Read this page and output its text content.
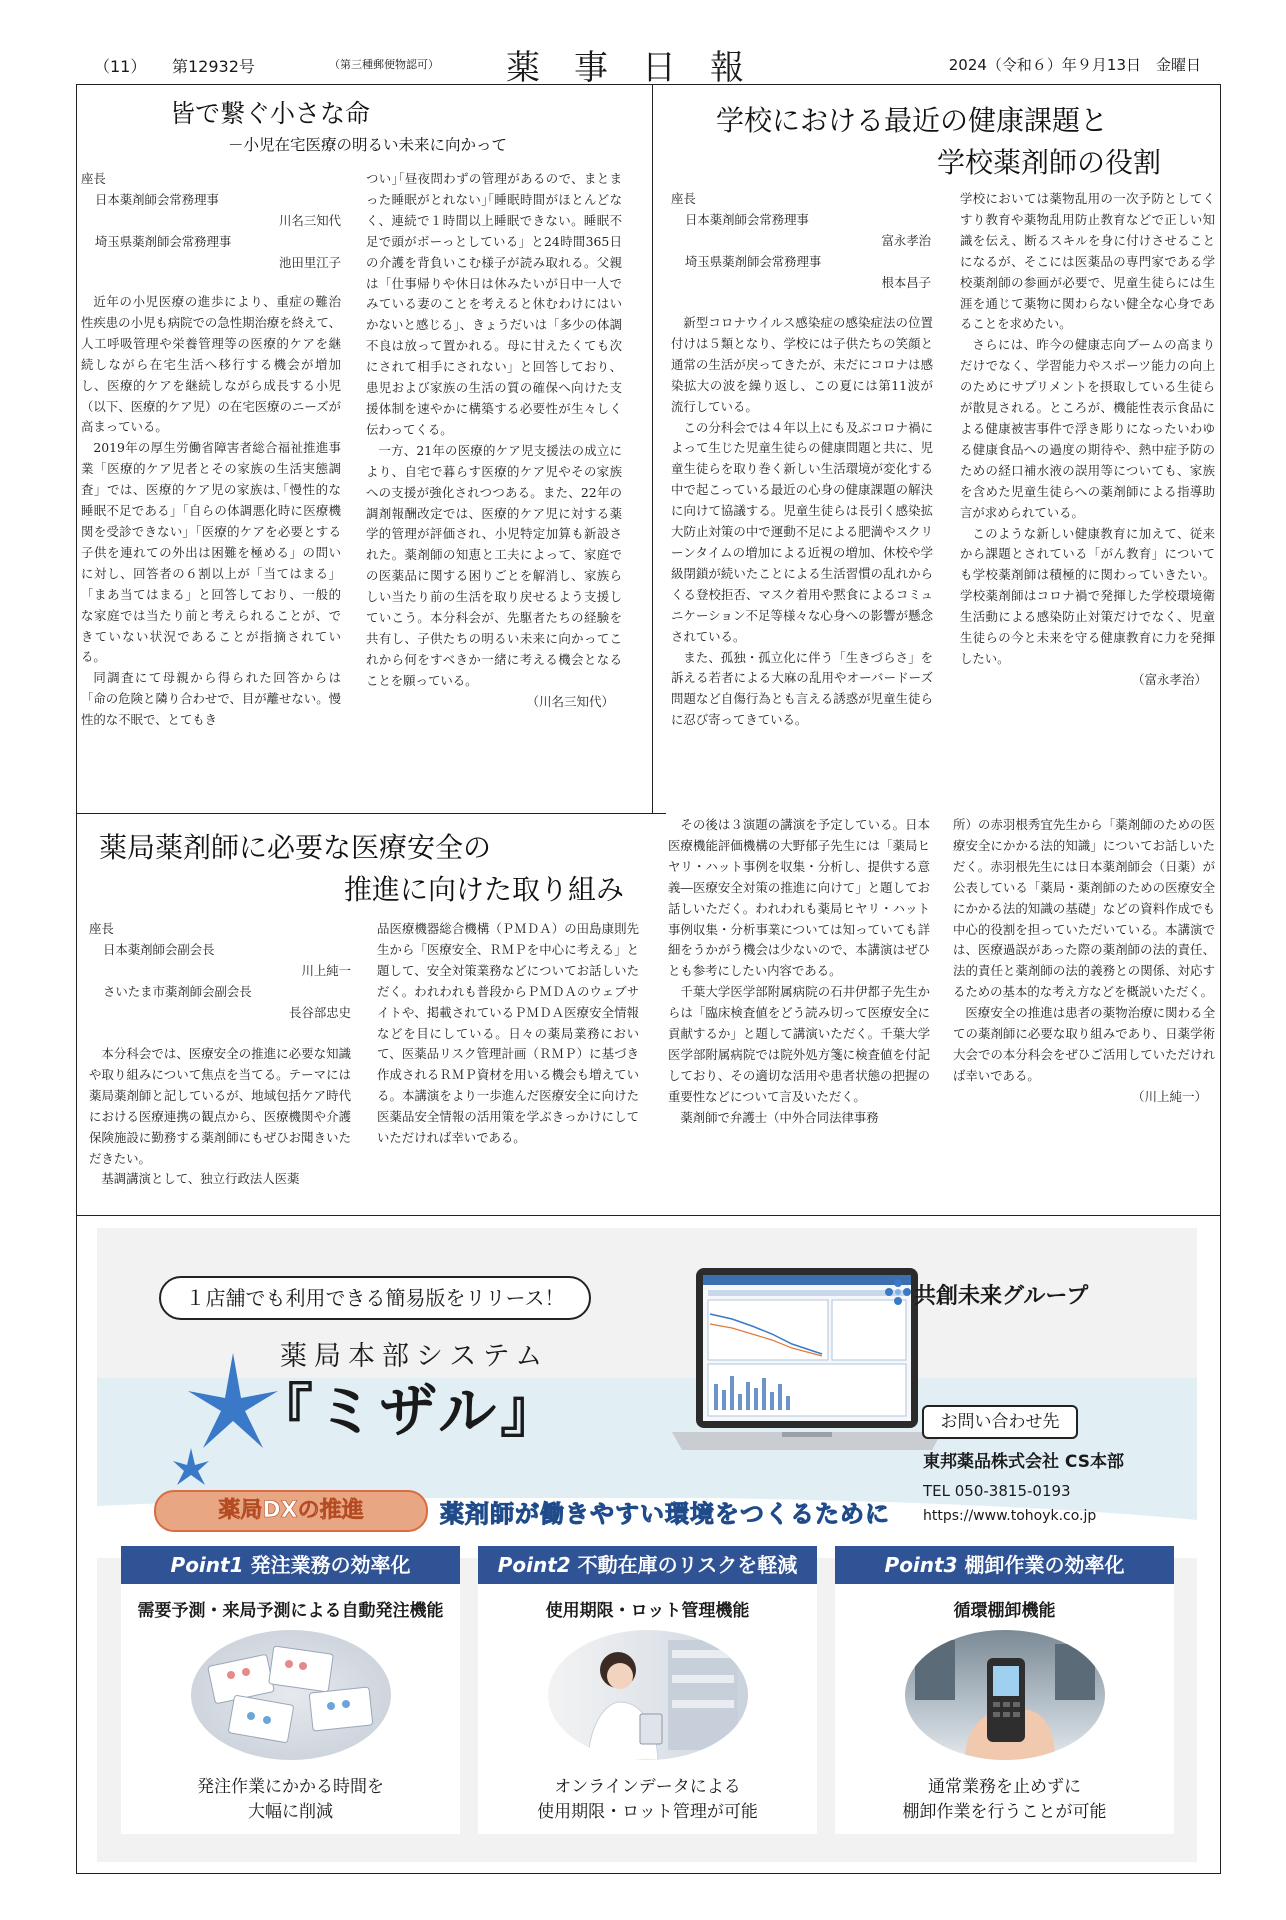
（11） 第12932号	（第三種郵便物認可） 薬事日報	2024（令和６）年９月13日　金曜日
皆で繋ぐ小さな命
－小児在宅医療の明るい未来に向かって
座長
日本薬剤師会常務理事
川名三知代
埼玉県薬剤師会常務理事
池田里江子

近年の小児医療の進歩により、重症の難治性疾患の小児も病院での急性期治療を終えて、人工呼吸管理や栄養管理等の医療的ケアを継続しながら在宅生活へ移行する機会が増加し、医療的ケアを継続しながら成長する小児（以下、医療的ケア児）の在宅医療のニーズが高まっている。

2019年の厚生労働省障害者総合福祉推進事業「医療的ケア児者とその家族の生活実態調査」では、医療的ケア児の家族は､｢慢性的な睡眠不足である｣「自らの体調悪化時に医療機関を受診できない」「医療的ケアを必要とする子供を連れての外出は困難を極める」の問いに対し、回答者の６割以上が「当てはまる」「まあ当てはまる」と回答しており、一般的な家庭では当たり前と考えられることが、できていない状況であることが指摘されている。

同調査にて母親から得られた回答からは「命の危険と隣り合わせで、目が離せない。慢性的な不眠で、とてもき

つい｣｢昼夜問わずの管理があるので、まとまった睡眠がとれない｣｢睡眠時間がほとんどなく、連続で１時間以上睡眠できない。睡眠不足で頭がボーっとしている」と24時間365日の介護を背負いこむ様子が読み取れる。父親は「仕事帰りや休日は休みたいが日中一人でみている妻のことを考えると休むわけにはいかないと感じる」、きょうだいは「多少の体調不良は放って置かれる。母に甘えたくても次にされて相手にされない」と回答しており、患児および家族の生活の質の確保へ向けた支援体制を速やかに構築する必要性が生々しく伝わってくる。

一方、21年の医療的ケア児支援法の成立により、自宅で暮らす医療的ケア児やその家族への支援が強化されつつある。また、22年の調剤報酬改定では、医療的ケア児に対する薬学的管理が評価され、小児特定加算も新設された。薬剤師の知恵と工夫によって、家庭での医薬品に関する困りごとを解消し、家族らしい当たり前の生活を取り戻せるよう支援していこう。本分科会が、先駆者たちの経験を共有し、子供たちの明るい未来に向かってこれから何をすべきか一緒に考える機会となることを願っている。

（川名三知代）
学校における最近の健康課題と
学校薬剤師の役割
座長
日本薬剤師会常務理事
富永孝治
埼玉県薬剤師会常務理事
根本昌子

新型コロナウイルス感染症の感染症法の位置付けは５類となり、学校には子供たちの笑顔と通常の生活が戻ってきたが、未だにコロナは感染拡大の波を繰り返し、この夏には第11波が流行している。

この分科会では４年以上にも及ぶコロナ禍によって生じた児童生徒らの健康問題と共に、児童生徒らを取り巻く新しい生活環境が変化する中で起こっている最近の心身の健康課題の解決に向けて協議する。児童生徒らは長引く感染拡大防止対策の中で運動不足による肥満やスクリーンタイムの増加による近視の増加、休校や学級閉鎖が続いたことによる生活習慣の乱れからくる登校拒否、マスク着用や黙食によるコミュニケーション不足等様々な心身への影響が懸念されている。

また、孤独・孤立化に伴う「生きづらさ」を訴える若者による大麻の乱用やオーバードーズ問題など自傷行為とも言える誘惑が児童生徒らに忍び寄ってきている。

学校においては薬物乱用の一次予防としてくすり教育や薬物乱用防止教育などで正しい知識を伝え、断るスキルを身に付けさせることになるが、そこには医薬品の専門家である学校薬剤師の参画が必要で、児童生徒らには生涯を通じて薬物に関わらない健全な心身であることを求めたい。

さらには、昨今の健康志向ブームの高まりだけでなく、学習能力やスポーツ能力の向上のためにサプリメントを摂取している生徒らが散見される。ところが、機能性表示食品による健康被害事件で浮き彫りになったいわゆる健康食品への過度の期待や、熱中症予防のための経口補水液の誤用等についても、家族を含めた児童生徒らへの薬剤師による指導助言が求められている。

このような新しい健康教育に加えて、従来から課題とされている「がん教育」についても学校薬剤師は積極的に関わっていきたい。学校薬剤師はコロナ禍で発揮した学校環境衛生活動による感染防止対策だけでなく、児童生徒らの今と未来を守る健康教育に力を発揮したい。

（富永孝治）
薬局薬剤師に必要な医療安全の
推進に向けた取り組み
座長
日本薬剤師会副会長
川上純一
さいたま市薬剤師会副会長
長谷部忠史

本分科会では、医療安全の推進に必要な知識や取り組みについて焦点を当てる。テーマには薬局薬剤師と記しているが、地域包括ケア時代における医療連携の観点から、医療機関や介護保険施設に勤務する薬剤師にもぜひお聞きいただきたい。

基調講演として、独立行政法人医薬

品医療機器総合機構（ＰＭＤＡ）の田島康則先生から「医療安全、ＲＭＰを中心に考える」と題して、安全対策業務などについてお話しいただく。われわれも普段からＰＭＤＡのウェブサイトや、掲載されているＰＭＤＡ医療安全情報などを目にしている。日々の薬局業務において、医薬品リスク管理計画（ＲＭＰ）に基づき作成されるＲＭＰ資材を用いる機会も増えている。本講演をより一歩進んだ医療安全に向けた医薬品安全情報の活用策を学ぶきっかけにしていただければ幸いである。

その後は３演題の講演を予定している。日本医療機能評価機構の大野郁子先生には「薬局ヒヤリ・ハット事例を収集・分析し、提供する意義―医療安全対策の推進に向けて」と題してお話しいただく。われわれも薬局ヒヤリ・ハット事例収集・分析事業については知っていても詳細をうかがう機会は少ないので、本講演はぜひとも参考にしたい内容である。

千葉大学医学部附属病院の石井伊都子先生からは「臨床検査値をどう読み切って医療安全に貢献するか」と題して講演いただく。千葉大学医学部附属病院では院外処方箋に検査値を付記しており、その適切な活用や患者状態の把握の重要性などについて言及いただく。

薬剤師で弁護士（中外合同法律事務

所）の赤羽根秀宜先生から「薬剤師のための医療安全にかかる法的知識」についてお話しいただく。赤羽根先生には日本薬剤師会（日薬）が公表している「薬局・薬剤師のための医療安全にかかる法的知識の基礎」などの資料作成でも中心的役割を担っていただいている。本講演では、医療過誤があった際の薬剤師の法的責任、法的責任と薬剤師の法的義務との関係、対応するための基本的な考え方などを概説いただく。

医療安全の推進は患者の薬物治療に関わる全ての薬剤師に必要な取り組みであり、日薬学術大会での本分科会をぜひご活用していただければ幸いである。

（川上純一）
１店舗でも利用できる簡易版をリリース！
薬局本部システム
『ミザル』
共創未来グループ
お問い合わせ先
東邦薬品株式会社 CS本部
TEL 050-3815-0193
https://www.tohoyk.co.jp
薬局DXの推進	薬剤師が働きやすい環境をつくるために
Point1 発注業務の効率化
需要予測・来局予測による自動発注機能
発注作業にかかる時間を
大幅に削減
Point2 不動在庫のリスクを軽減
使用期限・ロット管理機能
オンラインデータによる
使用期限・ロット管理が可能
Point3 棚卸作業の効率化
循環棚卸機能
通常業務を止めずに
棚卸作業を行うことが可能
